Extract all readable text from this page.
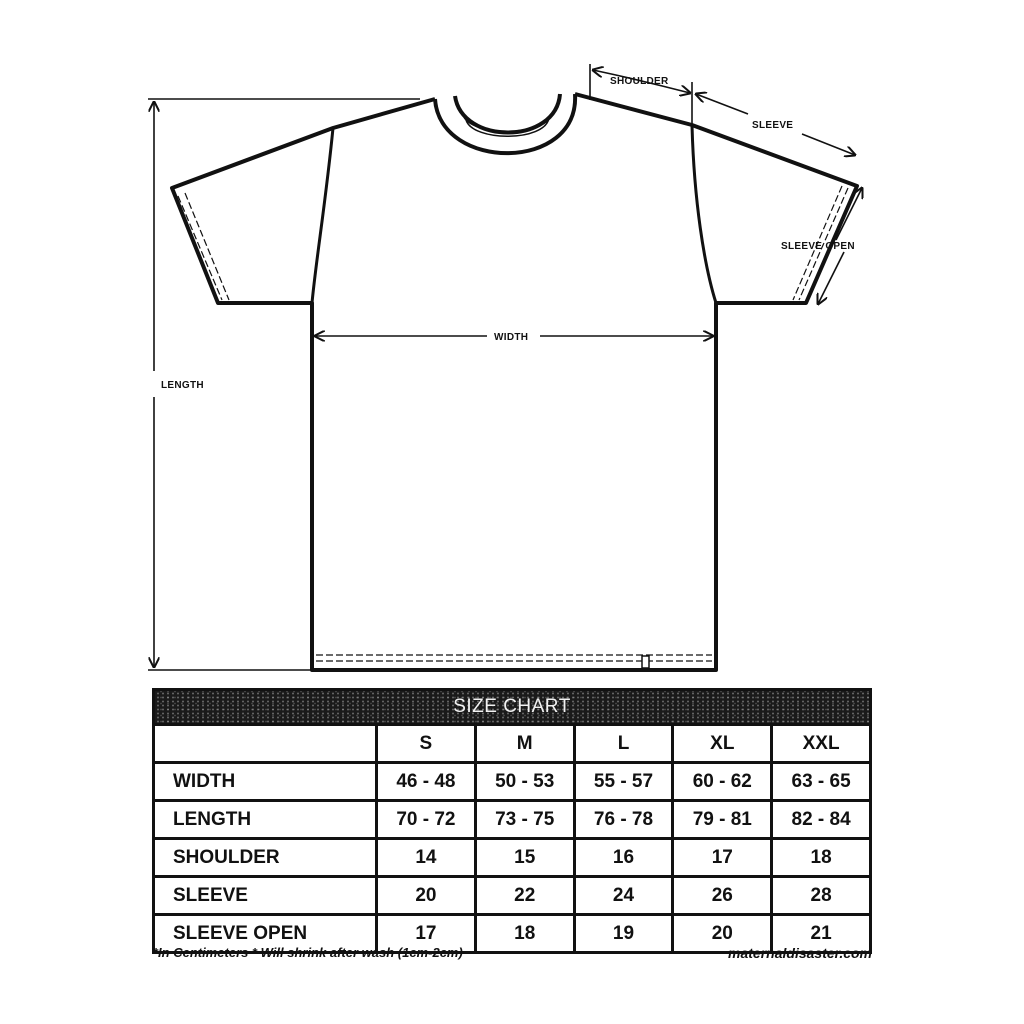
SHOULDER
SLEEVE
SLEEVE OPEN
WIDTH
LENGTH
SIZE CHART					
	S	M	L	XL	XXL
WIDTH	46 - 48	50 - 53	55 - 57	60 - 62	63 - 65
LENGTH	70 - 72	73 - 75	76 - 78	79 - 81	82 - 84
SHOULDER	14	15	16	17	18
SLEEVE	20	22	24	26	28
SLEEVE OPEN	17	18	19	20	21
*In Centimeters * Will shrink after wash (1cm-2cm)	maternaldisaster.com
